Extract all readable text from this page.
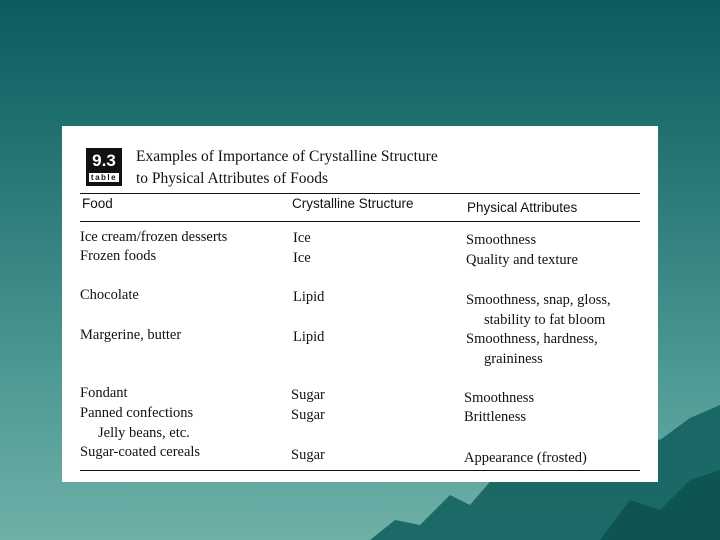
9.3
table
Examples of Importance of Crystalline Structure
to Physical Attributes of Foods
Food	Crystalline Structure	Physical Attributes
Ice cream/frozen desserts	Ice	Smoothness
Frozen foods	Ice	Quality and texture
Chocolate	Lipid	Smoothness, snap, gloss,
stability to fat bloom
Margerine, butter	Lipid	Smoothness, hardness,
graininess
Fondant	Sugar	Smoothness
Panned confections	Sugar	Brittleness
Jelly beans, etc.
Sugar-coated cereals	Sugar	Appearance (frosted)
